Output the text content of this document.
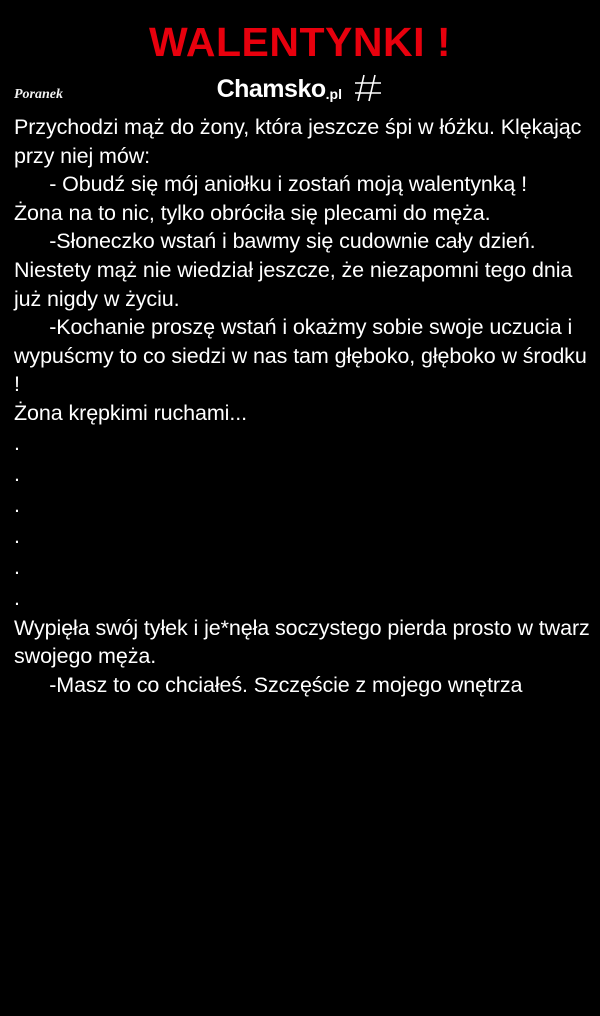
WALENTYNKI !
Poranek	Chamsko.pl

Przychodzi mąż do żony, która jeszcze śpi w łóżku. Klękając przy niej mów:

- Obudź się mój aniołku i zostań moją walentynką !

Żona na to nic, tylko obróciła się plecami do męża.

-Słoneczko wstań i bawmy się cudownie cały dzień.

Niestety mąż nie wiedział jeszcze, że niezapomni tego dnia już nigdy w życiu.

-Kochanie proszę wstań i okażmy sobie swoje uczucia i wypuścmy to co siedzi w nas tam głęboko, głęboko w środku !

Żona krępkimi ruchami...

.

.

.

.

.

.

Wypięła swój tyłek i je*nęła soczystego pierda prosto w twarz swojego męża.

-Masz to co chciałeś. Szczęście z mojego wnętrza
